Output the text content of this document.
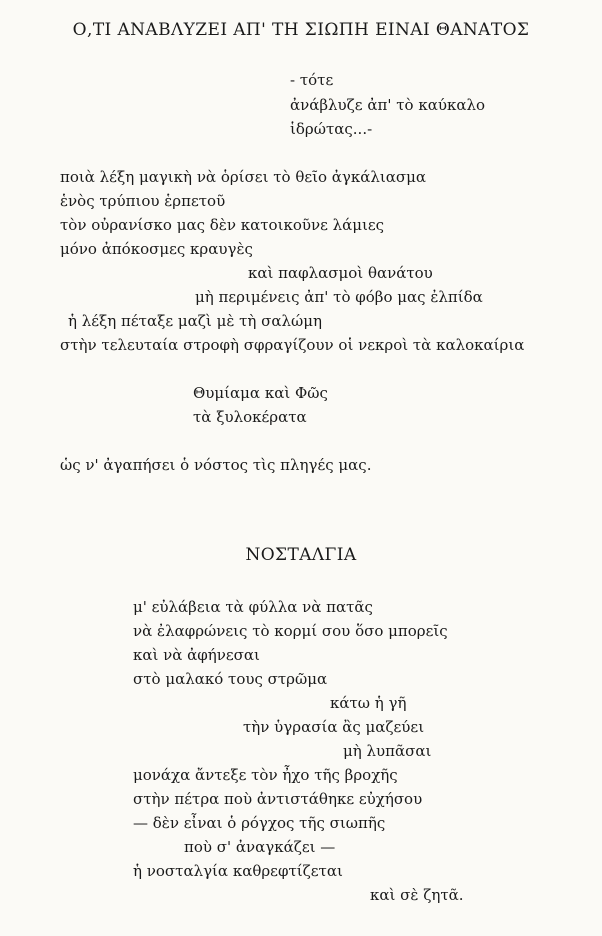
Ο,ΤΙ ΑΝΑΒΛΥΖΕΙ ΑΠ' ΤΗ ΣΙΩΠΗ ΕΙΝΑΙ ΘΑΝΑΤΟΣ
- τότε
ἀνάβλυζε ἀπ' τὸ καύκαλο
ἱδρώτας...-
ποιὰ λέξη μαγικὴ νὰ ὁρίσει τὸ θεῖο ἀγκάλιασμα
ἑνὸς τρύπιου ἑρπετοῦ
τὸν οὐρανίσκο μας δὲν κατοικοῦνε λάμιες
μόνο ἀπόκοσμες κραυγὲς
καὶ παφλασμοὶ θανάτου
μὴ περιμένεις ἀπ' τὸ φόβο μας ἐλπίδα
ἡ λέξη πέταξε μαζὶ μὲ τὴ σαλώμη
στὴν τελευταία στροφὴ σφραγίζουν οἱ νεκροὶ τὰ καλοκαίρια
Θυμίαμα καὶ Φῶς
τὰ ξυλοκέρατα
ὡς ν' ἀγαπήσει ὁ νόστος τὶς πληγές μας.
ΝΟΣΤΑΛΓΙΑ
μ' εὐλάβεια τὰ φύλλα νὰ πατᾶς
νὰ ἐλαφρώνεις τὸ κορμί σου ὅσο μπορεῖς
καὶ νὰ ἀφήνεσαι
στὸ μαλακό τους στρῶμα
κάτω ἡ γῆ
τὴν ὑγρασία ἂς μαζεύει
μὴ λυπᾶσαι
μονάχα ἄντεξε τὸν ἦχο τῆς βροχῆς
στὴν πέτρα ποὺ ἀντιστάθηκε εὐχήσου
— δὲν εἶναι ὁ ρόγχος τῆς σιωπῆς
ποὺ σ' ἀναγκάζει —
ἡ νοσταλγία καθρεφτίζεται
καὶ σὲ ζητᾶ.
